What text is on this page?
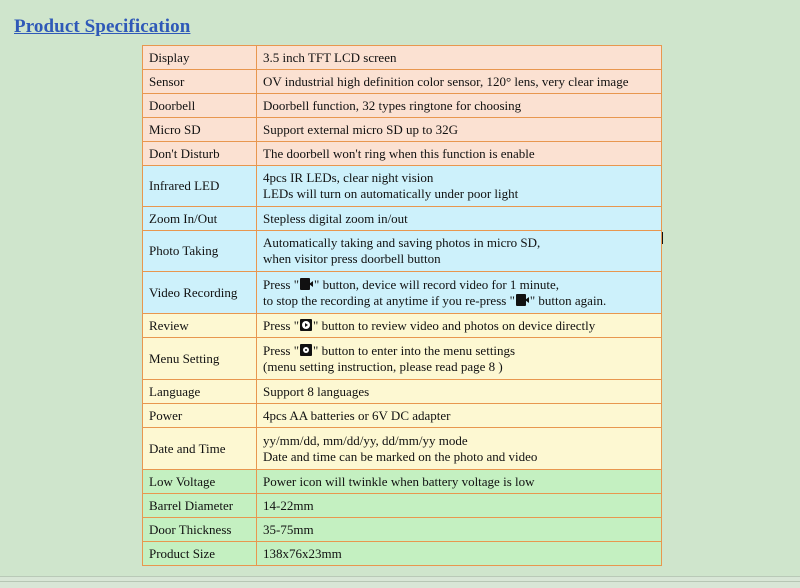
Product Specification
Display	3.5 inch TFT LCD screen
Sensor	OV industrial high definition color sensor, 120° lens, very clear image
Doorbell	Doorbell function, 32 types ringtone for choosing
Micro SD	Support external micro SD up to 32G
Don't Disturb	The doorbell won't ring when this function is enable
Infrared LED	4pcs IR LEDs, clear night vision
LEDs will turn on automatically under poor light

Zoom In/Out	Stepless digital zoom in/out
Photo Taking	Automatically taking and saving photos in micro SD,
when visitor press doorbell button

Video Recording	Press " " button, device will record video for 1 minute,
to stop the recording at anytime if you re-press " " button again.

Review	Press " " button to review video and photos on device directly
Menu Setting	Press " " button to enter into the menu settings
(menu setting instruction, please read page 8 )

Language	Support 8 languages
Power	4pcs AA batteries or 6V DC adapter
Date and Time	yy/mm/dd, mm/dd/yy, dd/mm/yy mode
Date and time can be marked on the photo and video

Low Voltage	Power icon will twinkle when battery voltage is low
Barrel Diameter	14-22mm
Door Thickness	35-75mm
Product Size	138x76x23mm
